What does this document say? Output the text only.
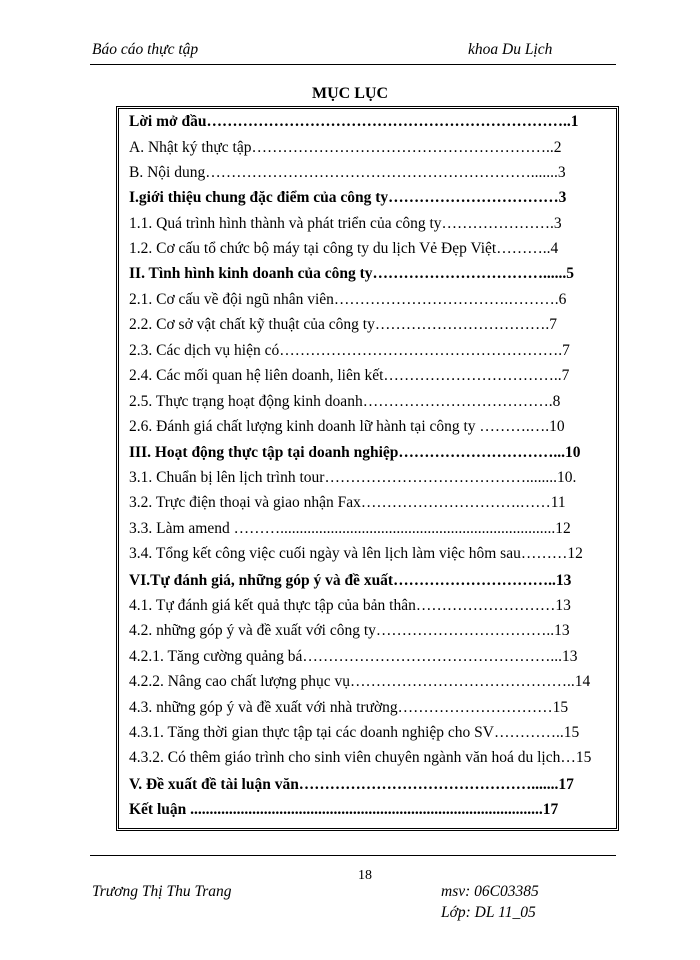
Báo cáo thực tập	khoa Du Lịch
MỤC LỤC
Lời mở đầu……………………………………………………………..1
A. Nhật ký thực tập…………………………………………………..2
B. Nội dung……………………………………………………….......3
I.giới thiệu chung đặc điểm của công ty……………………………3
1.1. Quá trình hình thành và phát triển của công ty………………….3
1.2. Cơ cấu tổ chức bộ máy tại công ty du lịch Vẻ Đẹp Việt………..4
II. Tình hình kinh doanh của công ty……………………………......5
2.1. Cơ cấu về đội ngũ nhân viên…………………………….……….6
2.2. Cơ sở vật chất kỹ thuật của công ty…………………………….7
2.3. Các dịch vụ hiện có……………………………………………….7
2.4. Các mối quan hệ liên doanh, liên kết……………………………..7
2.5. Thực trạng hoạt động kinh doanh……………………………….8
2.6. Đánh giá chất lượng kinh doanh lữ hành tại công ty ……….….10
III. Hoạt động thực tập tại doanh nghiệp…………………………...10
3.1. Chuẩn bị lên lịch trình tour…………………………………........10.
3.2. Trực điện thoại và giao nhận Fax………………………….……11
3.3. Làm amend ……….......................................................................12
3.4. Tổng kết công việc cuối ngày và lên lịch làm việc hôm sau………12
VI.Tự đánh giá, những góp ý và đề xuất…………………………..13
4.1. Tự đánh giá kết quả thực tập của bản thân………………………13
4.2. những góp ý và đề xuất với công ty……………………………..13
4.2.1. Tăng cường quảng bá…………………………………………...13
4.2.2. Nâng cao chất lượng phục vụ……………………………………..14
4.3. những góp ý và đề xuất với nhà trường…………………………15
4.3.1. Tăng thời gian thực tập tại các doanh nghiệp cho SV…………..15
4.3.2. Có thêm giáo trình cho sinh viên chuyên ngành văn hoá du lịch…15
V. Đề xuất đề tài luận văn……………………………………….......17
Kết luận ...........................................................................................17
18
Trương Thị Thu Trang	msv: 06C03385
Lớp: DL 11_05
